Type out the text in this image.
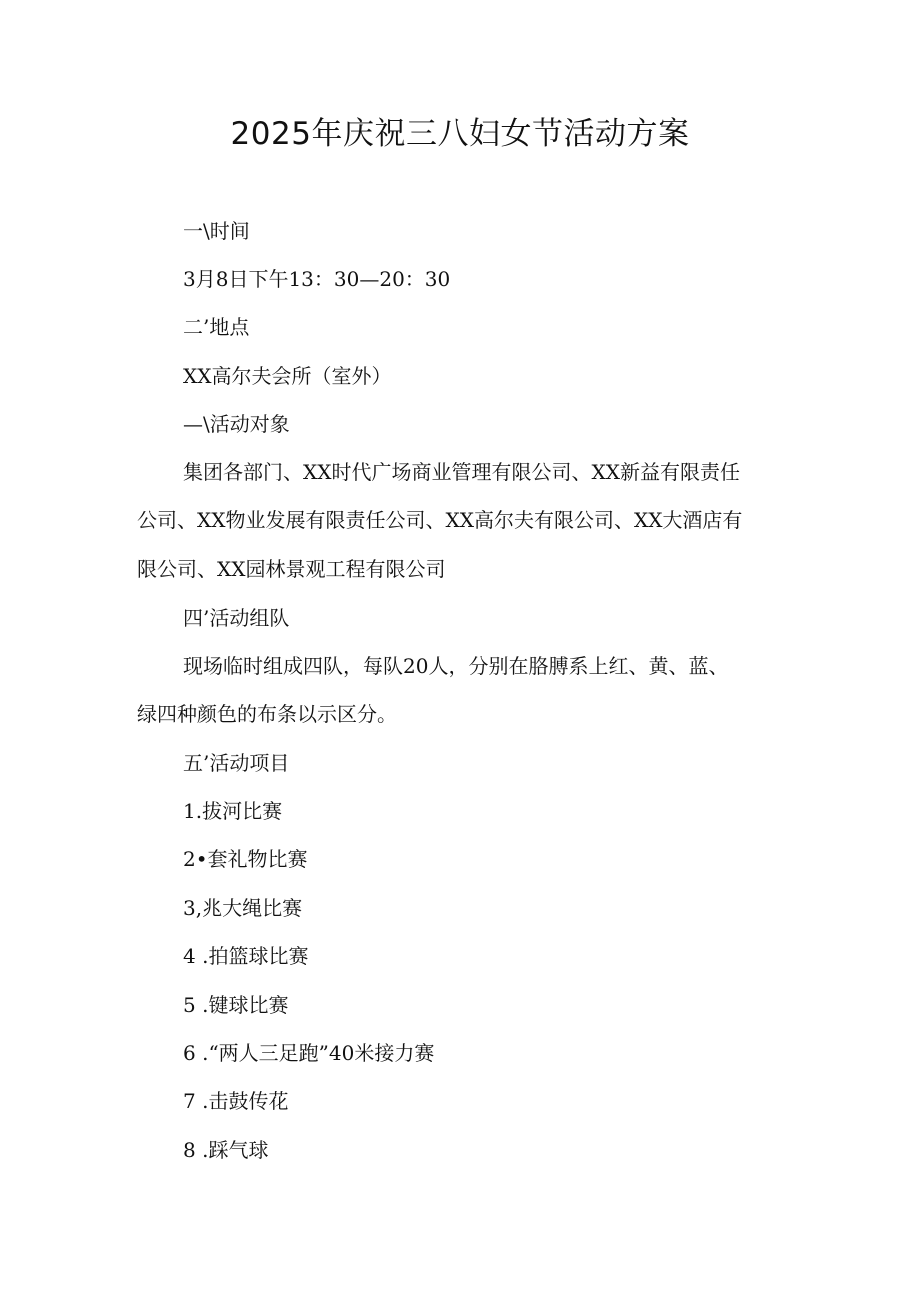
2025年庆祝三八妇女节活动方案
一\时间
3月8日下午13：30—20：30
二’地点
XX高尔夫会所（室外）
—\活动对象
集团各部门、XX时代广场商业管理有限公司、XX新益有限责任
公司、XX物业发展有限责任公司、XX高尔夫有限公司、XX大酒店有
限公司、XX园林景观工程有限公司
四’活动组队
现场临时组成四队，每队20人，分别在胳膊系上红、黄、蓝、
绿四种颜色的布条以示区分。
五’活动项目
1.拔河比赛
2•套礼物比赛
3,兆大绳比赛
4 .拍篮球比赛
5 .键球比赛
6 .“两人三足跑”40米接力赛
7 .击鼓传花
8 .踩气球
